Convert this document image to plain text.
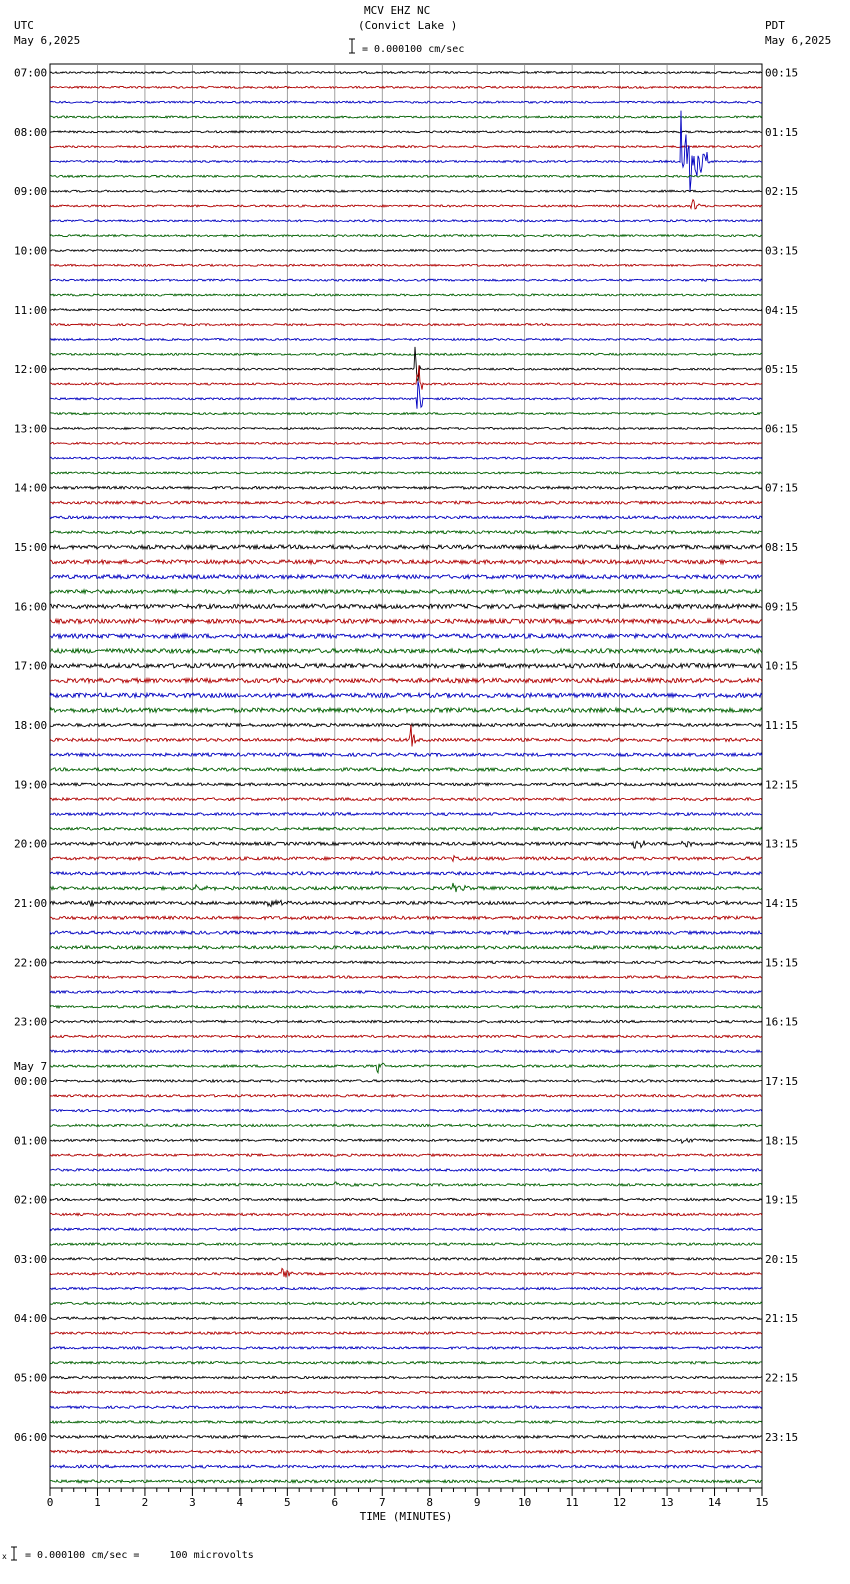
MCV EHZ NC
(Convict Lake )
= 0.000100 cm/sec
UTC
May 6,2025
PDT
May 6,2025
= 0.000100 cm/sec =     100 microvolts
x
07:00
08:00
09:00
10:00
11:00
12:00
13:00
14:00
15:00
16:00
17:00
18:00
19:00
20:00
21:00
22:00
23:00
May 7
00:00
01:00
02:00
03:00
04:00
05:00
06:00
00:15
01:15
02:15
03:15
04:15
05:15
06:15
07:15
08:15
09:15
10:15
11:15
12:15
13:15
14:15
15:15
16:15
17:15
18:15
19:15
20:15
21:15
22:15
23:15
0	1	2	3	4	5	6	7	8	9	10	11	12	13	14	15
TIME (MINUTES)
